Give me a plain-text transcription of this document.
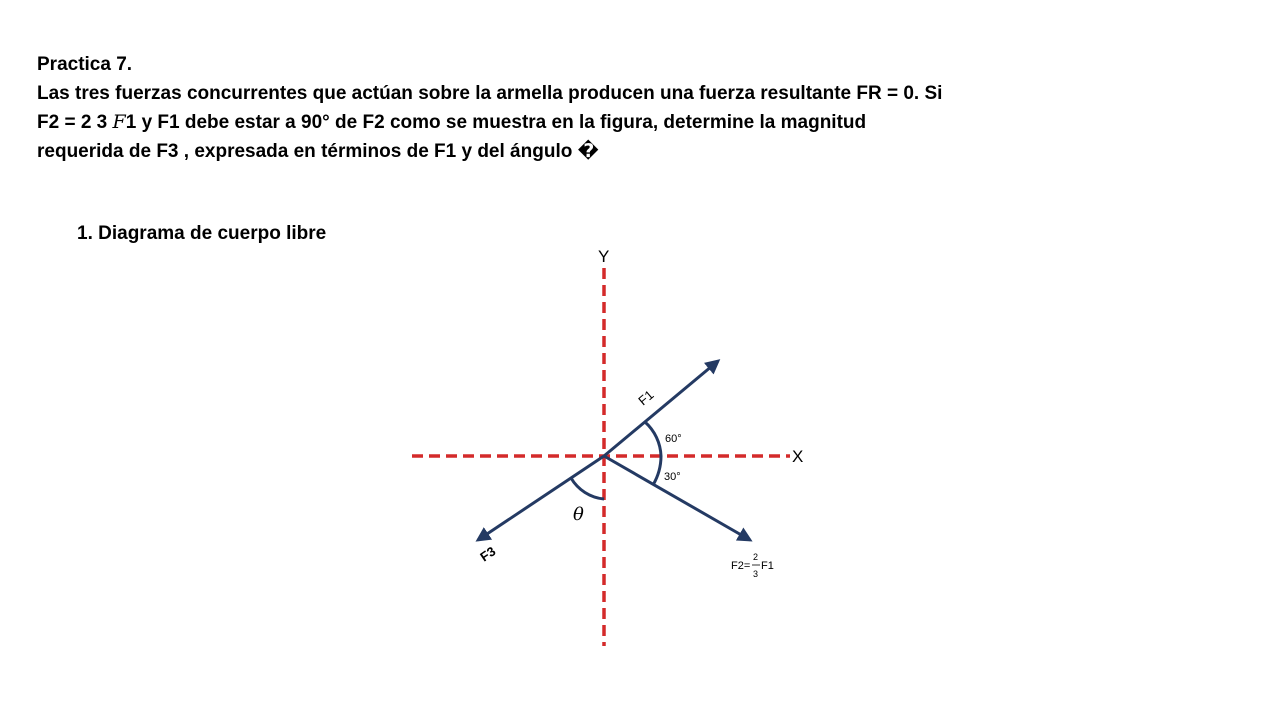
Practica 7.
Las tres fuerzas concurrentes que actúan sobre la armella producen una fuerza resultante FR = 0. Si
F2 = 2 3 𝐹1 y F1 debe estar a 90° de F2 como se muestra en la figura, determine la magnitud
requerida de F3 , expresada en términos de F1 y del ángulo �
1. Diagrama de cuerpo libre
Y
X
F1
F3
F2=
2
3
F1
60°
30°
θ
